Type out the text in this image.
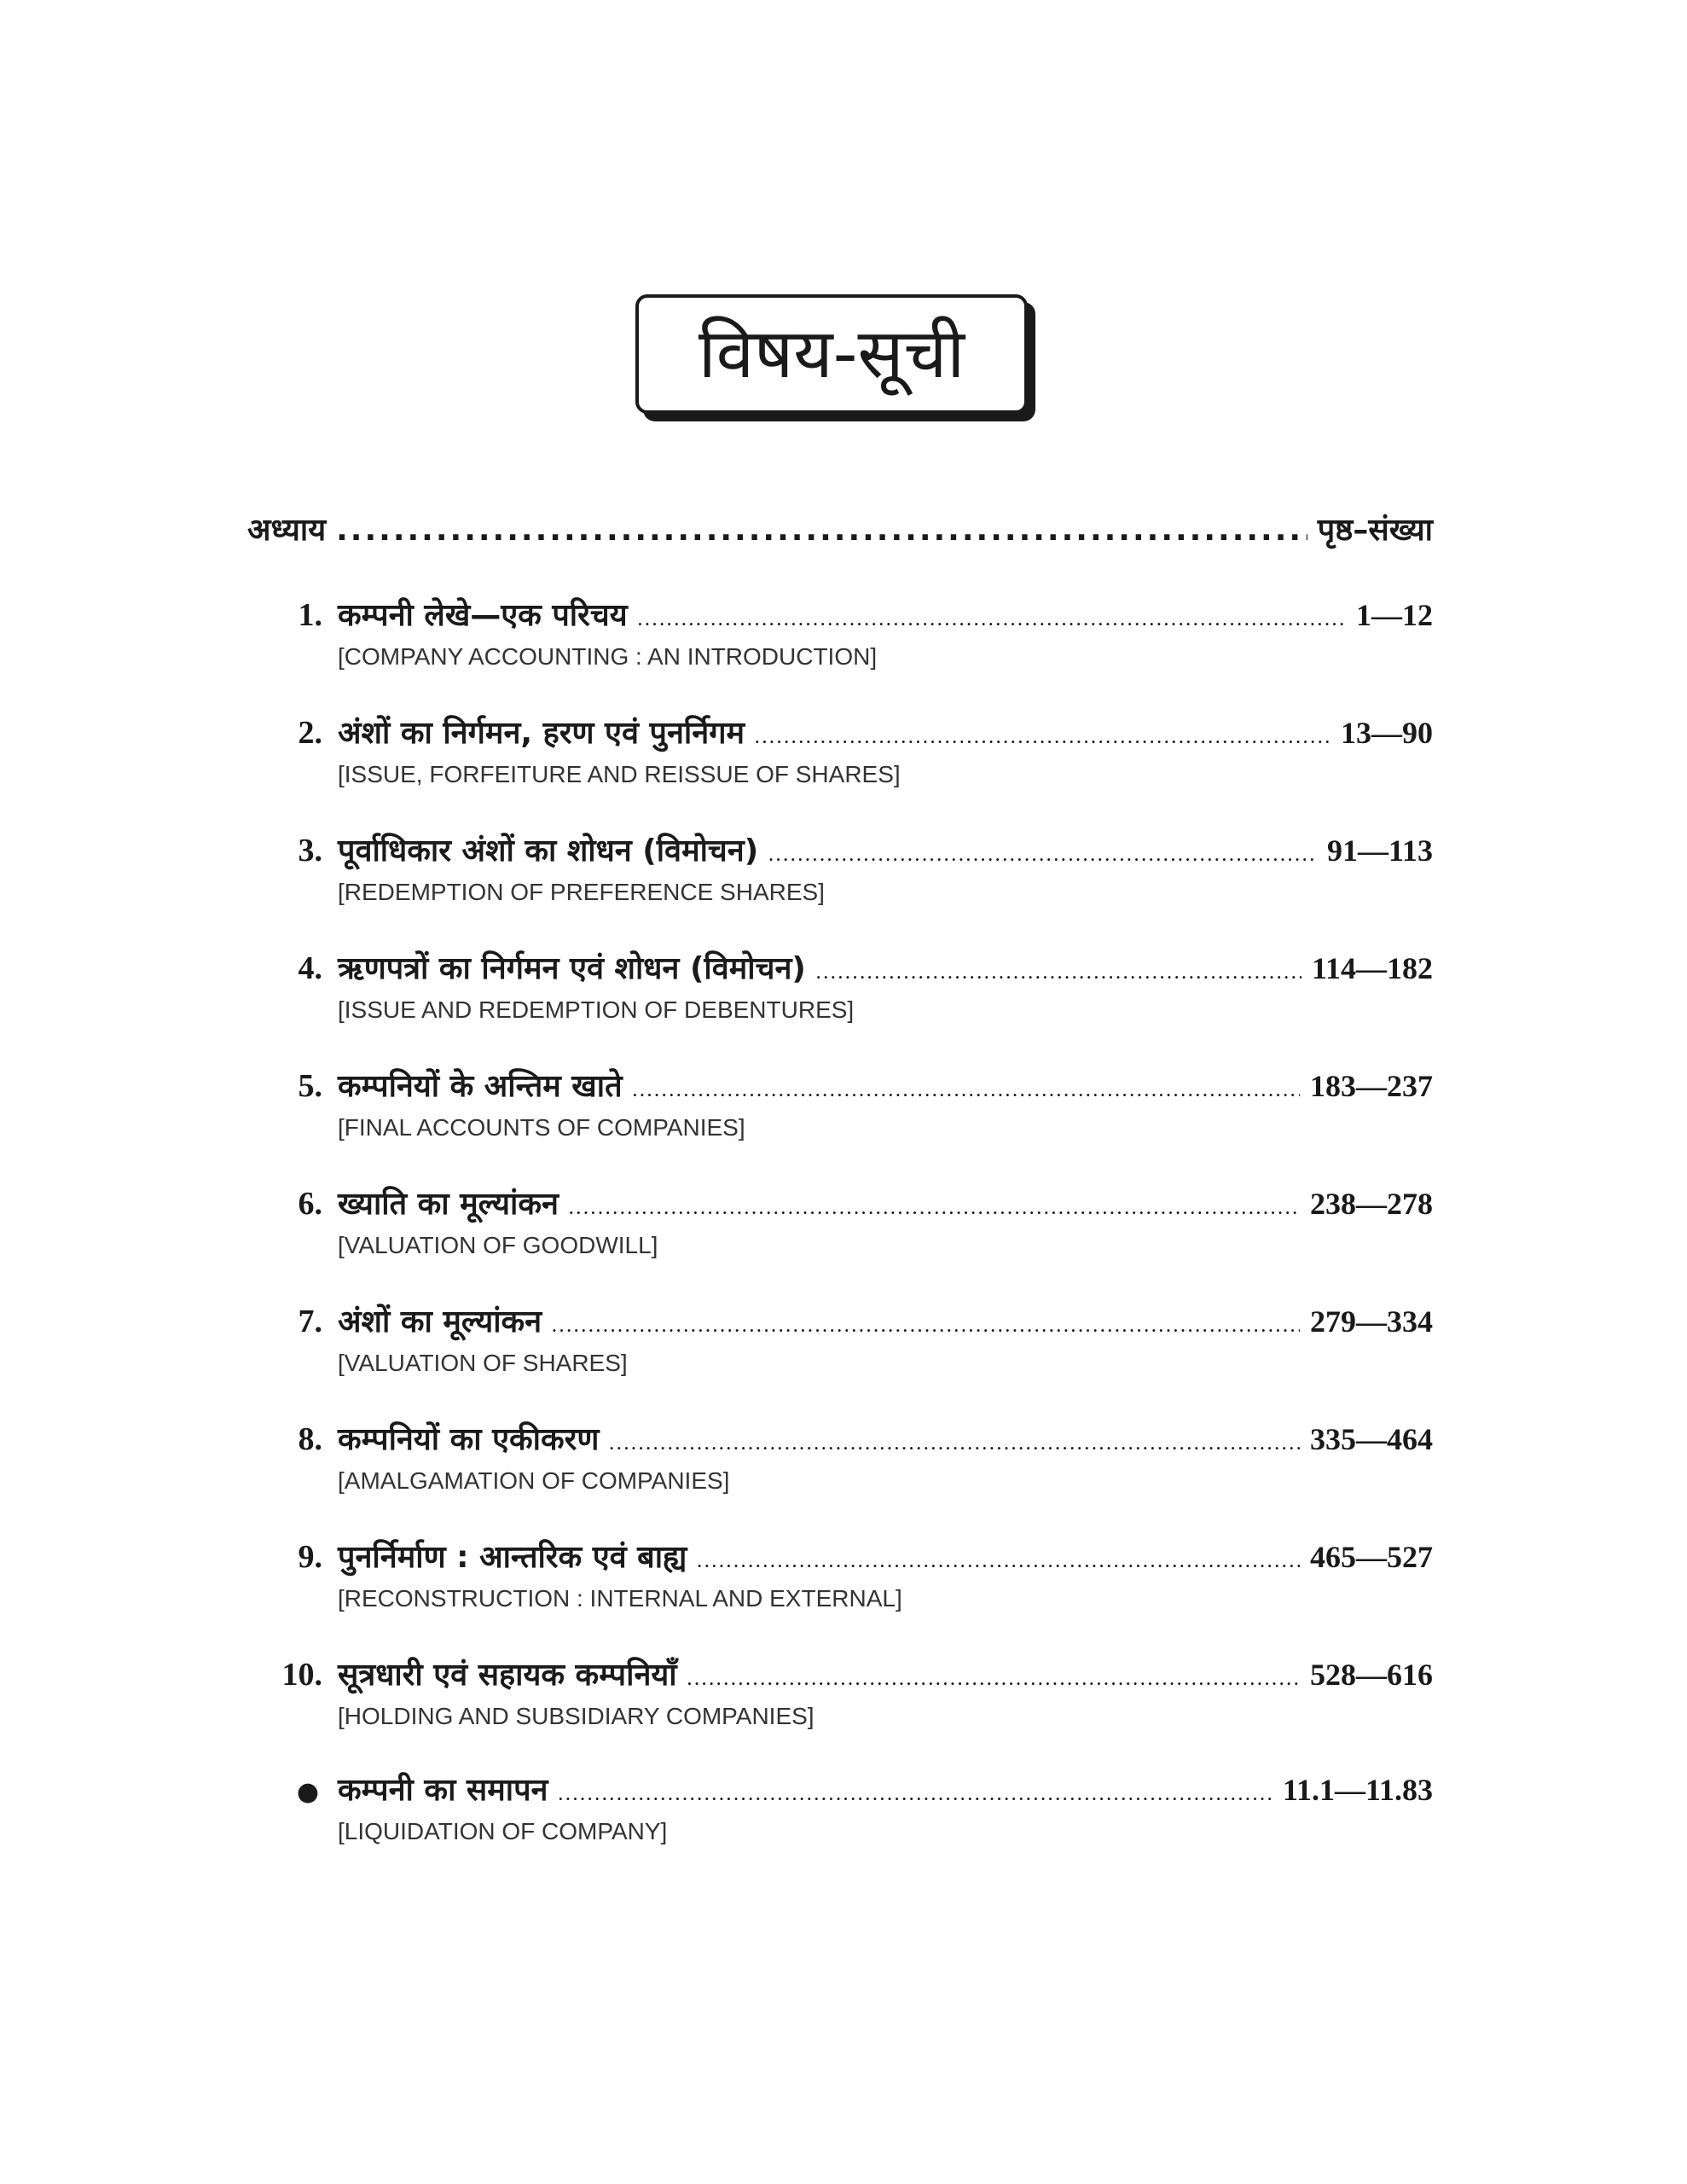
विषय-सूची
अध्याय .....	पृष्ठ–संख्या
1. कम्पनी लेखे—एक परिचय .....	1—12
[COMPANY ACCOUNTING : AN INTRODUCTION]
2. अंशों का निर्गमन, हरण एवं पुनर्निगम .....	13—90
[ISSUE, FORFEITURE AND REISSUE OF SHARES]
3. पूर्वाधिकार अंशों का शोधन (विमोचन) .....	91—113
[REDEMPTION OF PREFERENCE SHARES]
4. ऋणपत्रों का निर्गमन एवं शोधन (विमोचन) .....	114—182
[ISSUE AND REDEMPTION OF DEBENTURES]
5. कम्पनियों के अन्तिम खाते .....	183—237
[FINAL ACCOUNTS OF COMPANIES]
6. ख्याति का मूल्यांकन .....	238—278
[VALUATION OF GOODWILL]
7. अंशों का मूल्यांकन .....	279—334
[VALUATION OF SHARES]
8. कम्पनियों का एकीकरण .....	335—464
[AMALGAMATION OF COMPANIES]
9. पुनर्निर्माण : आन्तरिक एवं बाह्य .....	465—527
[RECONSTRUCTION : INTERNAL AND EXTERNAL]
10. सूत्रधारी एवं सहायक कम्पनियाँ .....	528—616
[HOLDING AND SUBSIDIARY COMPANIES]
● कम्पनी का समापन .....	11.1—11.83
[LIQUIDATION OF COMPANY]
